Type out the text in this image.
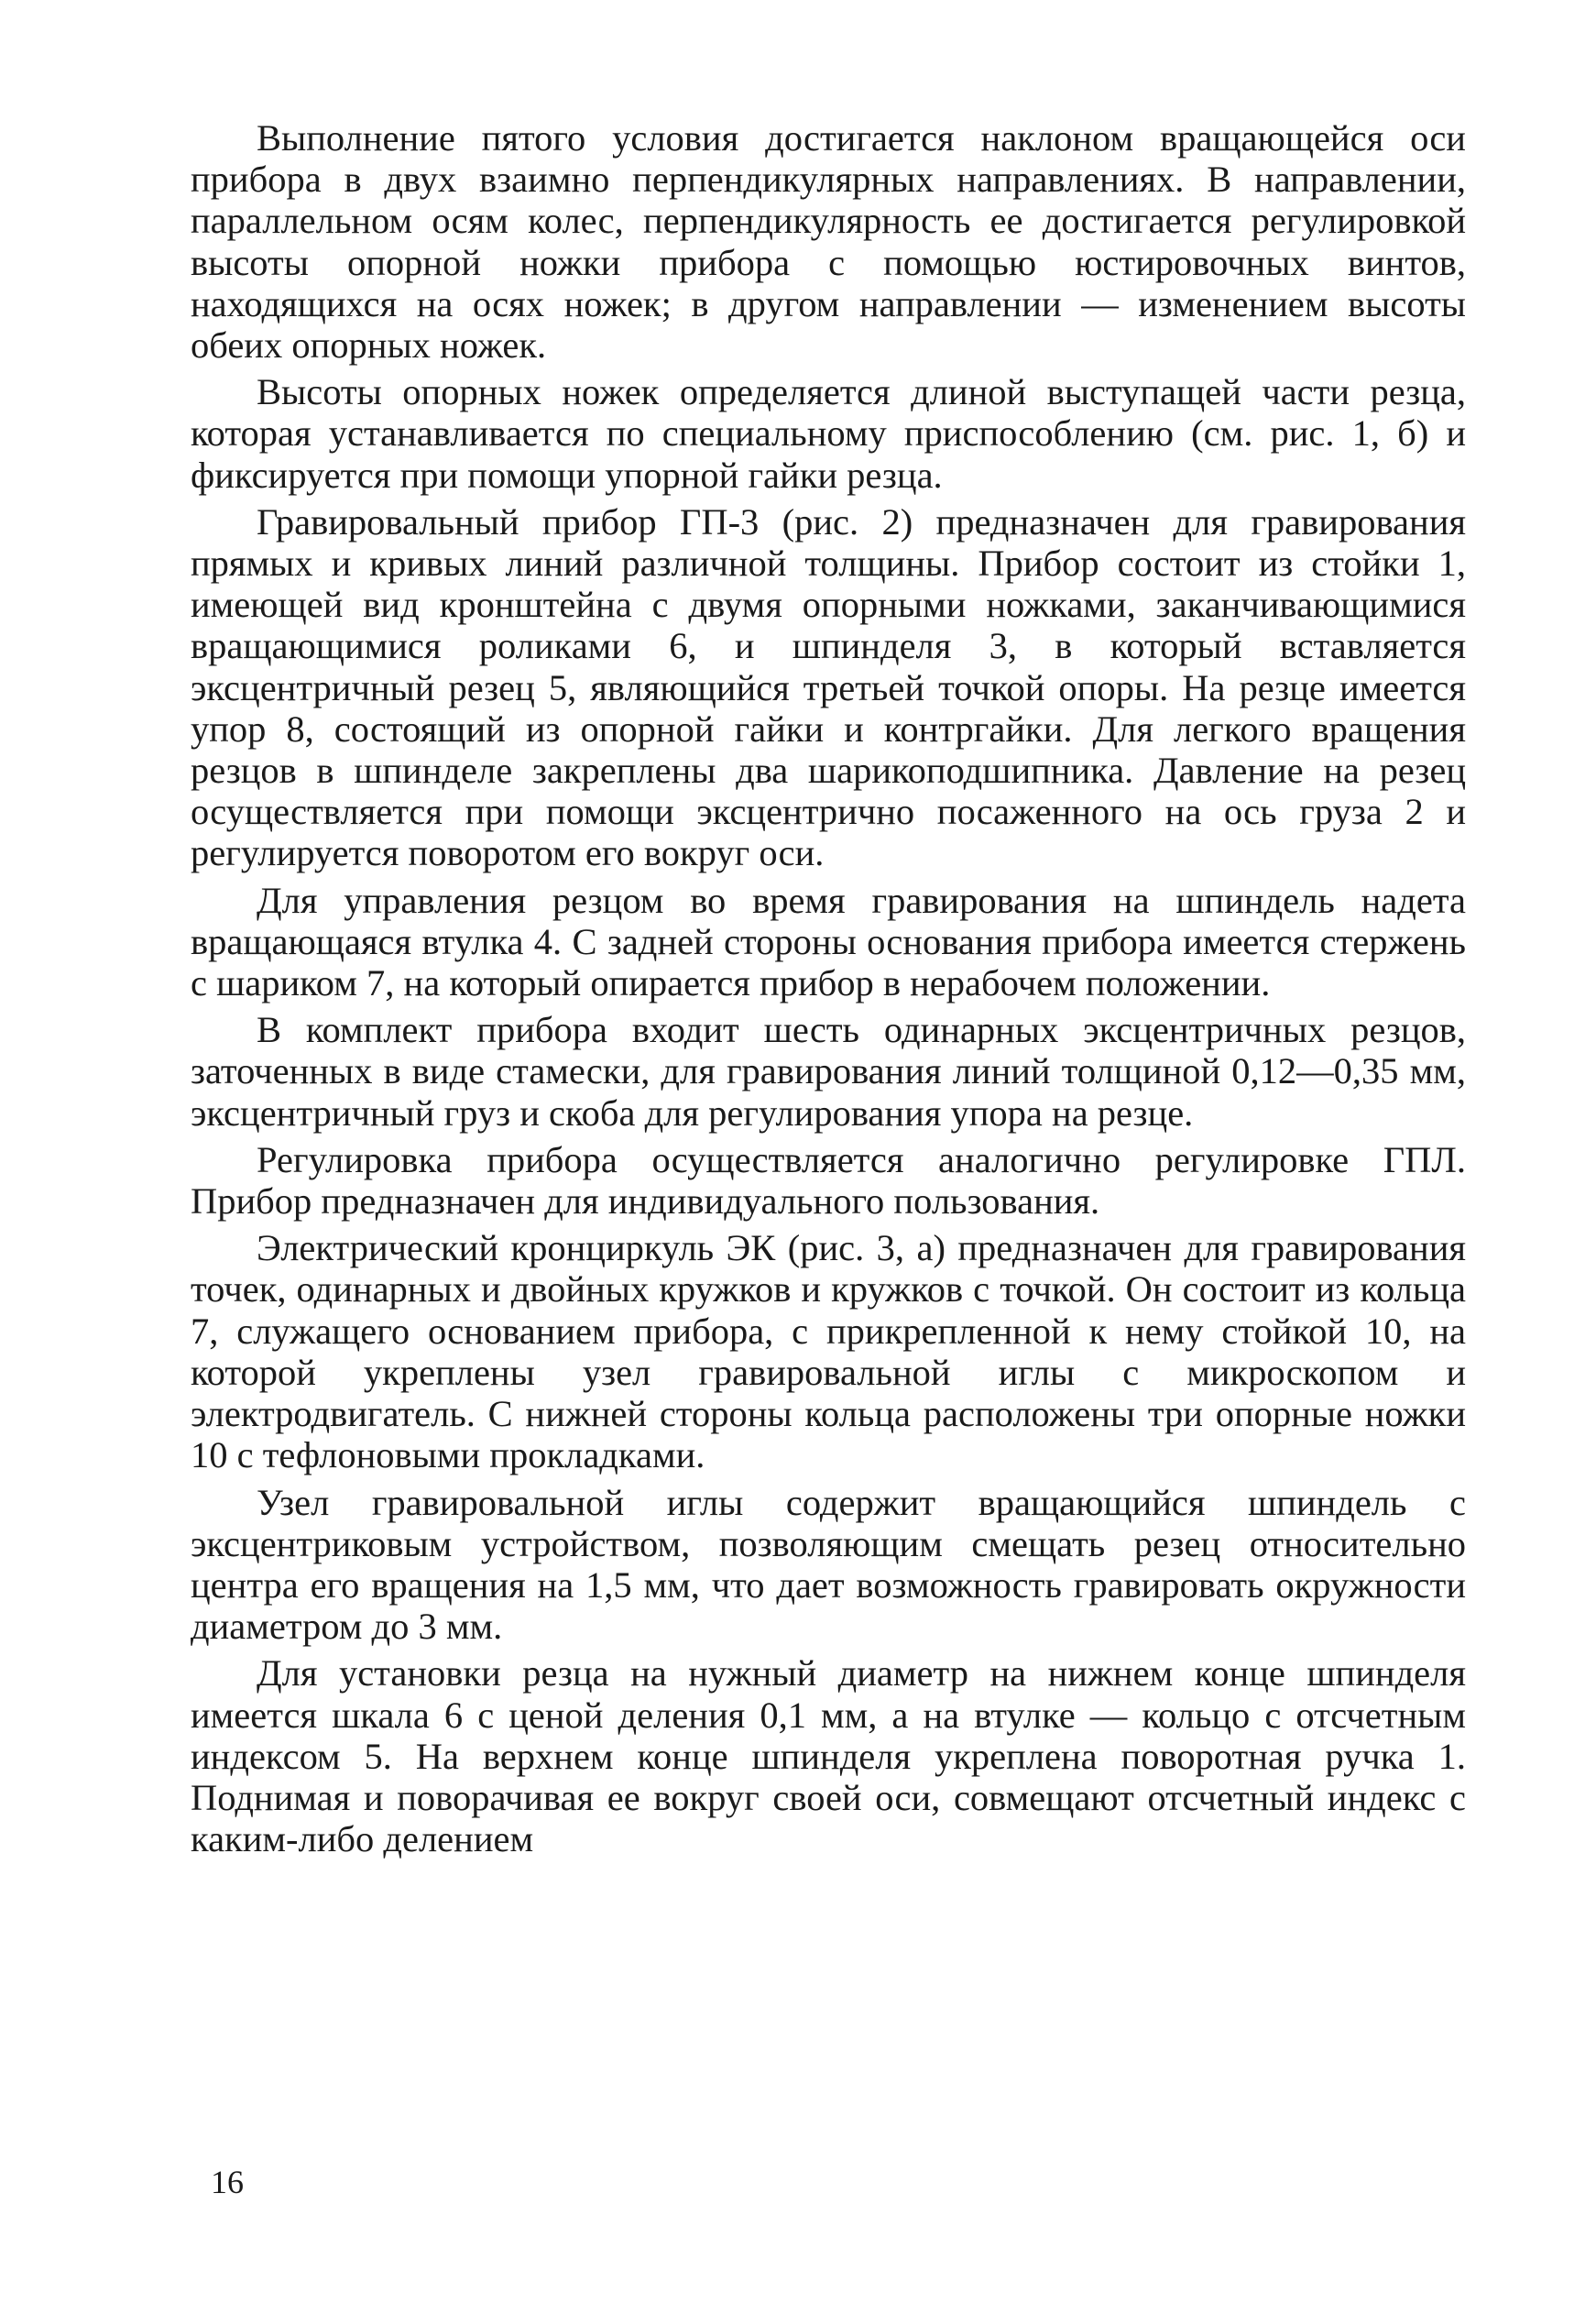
Выполнение пятого условия достигается наклоном вращающейся оси прибора в двух взаимно перпендикулярных направлениях. В направлении, параллельном осям колес, перпендикулярность ее достигается регулировкой высоты опорной ножки прибора с помощью юстировочных винтов, находящихся на осях ножек; в другом направлении — изменением высоты обеих опорных ножек.

Высоты опорных ножек определяется длиной выступащей части резца, которая устанавливается по специальному приспособлению (см. рис. 1, б) и фиксируется при помощи упорной гайки резца.

Гравировальный прибор ГП-3 (рис. 2) предназначен для гравирования прямых и кривых линий различной толщины. Прибор состоит из стойки 1, имеющей вид кронштейна с двумя опорными ножками, заканчивающимися вращающимися роликами 6, и шпинделя 3, в который вставляется эксцентричный резец 5, являющийся третьей точкой опоры. На резце имеется упор 8, состоящий из опорной гайки и контргайки. Для легкого вращения резцов в шпинделе закреплены два шарикоподшипника. Давление на резец осуществляется при помощи эксцентрично посаженного на ось груза 2 и регулируется поворотом его вокруг оси.

Для управления резцом во время гравирования на шпиндель надета вращающаяся втулка 4. С задней стороны основания прибора имеется стержень с шариком 7, на который опирается прибор в нерабочем положении.

В комплект прибора входит шесть одинарных эксцентричных резцов, заточенных в виде стамески, для гравирования линий толщиной 0,12—0,35 мм, эксцентричный груз и скоба для регулирования упора на резце.

Регулировка прибора осуществляется аналогично регулировке ГПЛ. Прибор предназначен для индивидуального пользования.

Электрический кронциркуль ЭК (рис. 3, а) предназначен для гравирования точек, одинарных и двойных кружков и кружков с точкой. Он состоит из кольца 7, служащего основанием прибора, с прикрепленной к нему стойкой 10, на которой укреплены узел гравировальной иглы с микроскопом и электродвигатель. С нижней стороны кольца расположены три опорные ножки 10 с тефлоновыми прокладками.

Узел гравировальной иглы содержит вращающийся шпиндель с эксцентриковым устройством, позволяющим смещать резец относительно центра его вращения на 1,5 мм, что дает возможность гравировать окружности диаметром до 3 мм.

Для установки резца на нужный диаметр на нижнем конце шпинделя имеется шкала 6 с ценой деления 0,1 мм, а на втулке — кольцо с отсчетным индексом 5. На верхнем конце шпинделя укреплена поворотная ручка 1. Поднимая и поворачивая ее вокруг своей оси, совмещают отсчетный индекс с каким-либо делением

16
